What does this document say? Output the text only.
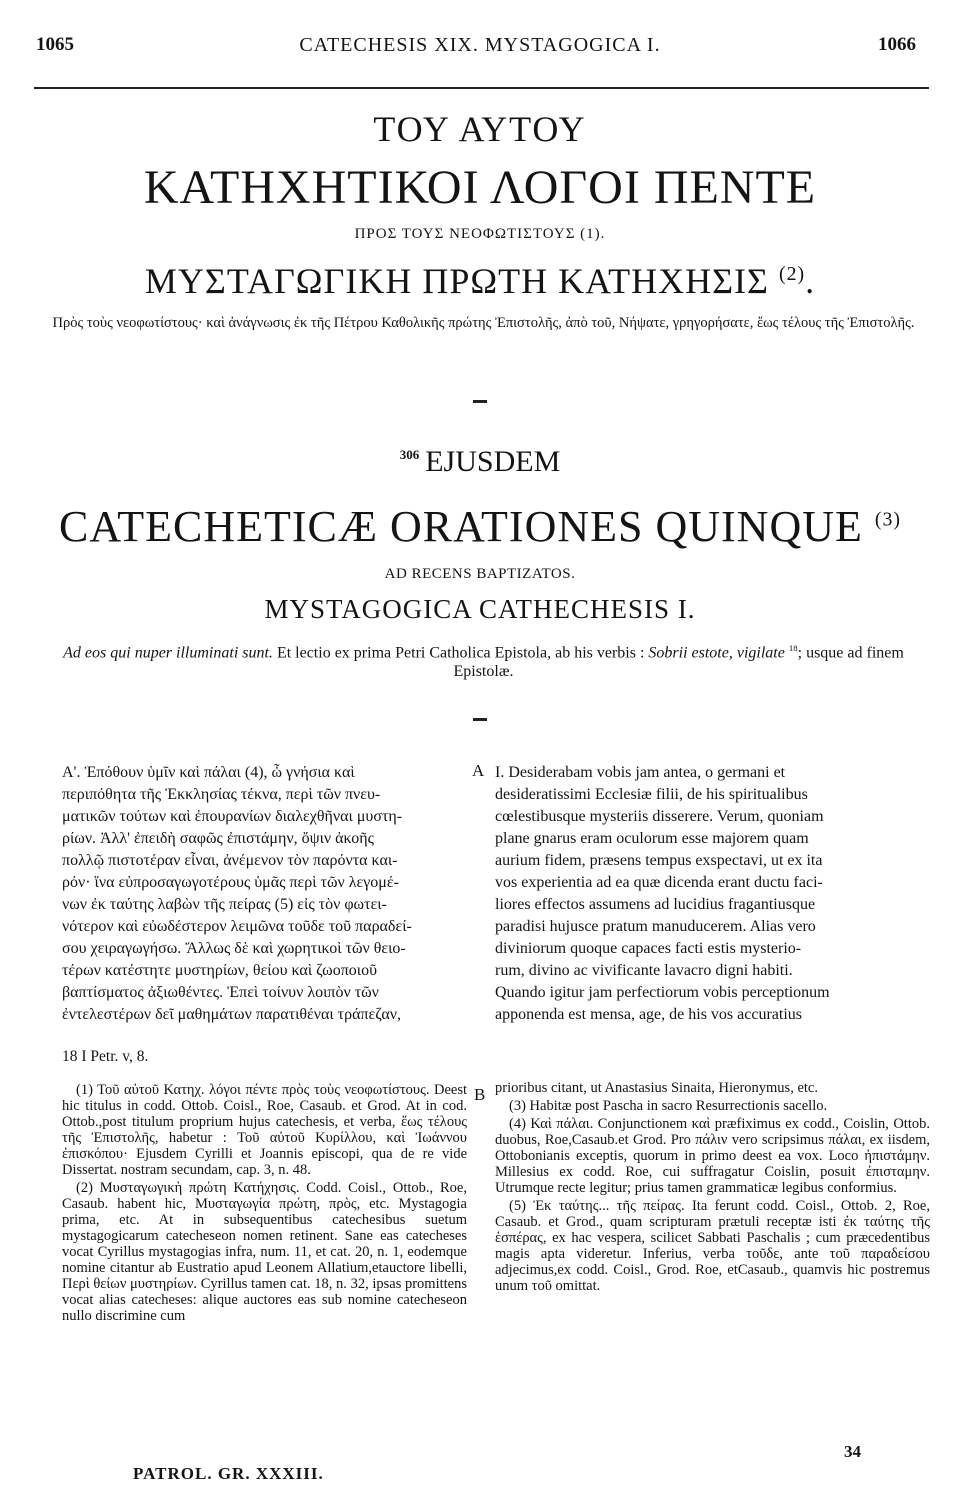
1065	CATECHESIS XIX. MYSTAGOGICA I.	1066
ΤΟΥ ΑΥΤΟΥ
ΚΑΤΗΧΗΤΙΚΟΙ ΛΟΓΟΙ ΠΕΝΤΕ
ΠΡΟΣ ΤΟΥΣ ΝΕΟΦΩΤΙΣΤΟΥΣ (1).
ΜΥΣΤΑΓΩΓΙΚΗ ΠΡΩΤΗ ΚΑΤΗΧΗΣΙΣ $^{(2)}$.
Πρὸς τοὺς νεοφωτίστους· καὶ ἀνάγνωσις ἐκ τῆς Πέτρου Καθολικῆς πρώτης Ἐπιστολῆς, ἀπὸ τοῦ, Νήψατε, γρηγορήσατε, ἕως τέλους τῆς Ἐπιστολῆς.
$^{306}$ EJUSDEM
CATECHETICÆ ORATIONES QUINQUE $^{(3)}$
AD RECENS BAPTIZATOS.
MYSTAGOGICA CATHECHESIS I.
Ad eos qui nuper illuminati sunt. Et lectio ex prima Petri Catholica Epistola, ab his verbis : Sobrii estote, vigilate $^{18}$; usque ad finem Epistolæ.
Α'. Ἐπόθουν ὑμῖν καὶ πάλαι (4), ὦ γνήσια καὶ
περιπόθητα τῆς Ἐκκλησίας τέκνα, περὶ τῶν πνευ-
ματικῶν τούτων καὶ ἐπουρανίων διαλεχθῆναι μυστη-
ρίων. Ἀλλ' ἐπειδὴ σαφῶς ἐπιστάμην, ὄψιν ἀκοῆς
πολλῷ πιστοτέραν εἶναι, ἀνέμενον τὸν παρόντα και-
ρόν· ἵνα εὐπροσαγωγοτέρους ὑμᾶς περὶ τῶν λεγομέ-
νων ἐκ ταύτης λαβὼν τῆς πείρας (5) εἰς τὸν φωτει-
νότερον καὶ εὐωδέστερον λειμῶνα τοῦδε τοῦ παραδεί-
σου χειραγωγήσω. Ἄλλως δὲ καὶ χωρητικοὶ τῶν θειο-
τέρων κατέστητε μυστηρίων, θείου καὶ ζωοποιοῦ
βαπτίσματος ἀξιωθέντες. Ἐπεὶ τοίνυν λοιπὸν τῶν
ἐντελεστέρων δεῖ μαθημάτων παρατιθέναι τράπεζαν,
A I. Desiderabam vobis jam antea, o germani et
desideratissimi Ecclesiæ filii, de his spiritualibus
cœlestibusque mysteriis disserere. Verum, quoniam
plane gnarus eram oculorum esse majorem quam
aurium fidem, præsens tempus exspectavi, ut ex ita
vos experientia ad ea quæ dicenda erant ductu faci-
liores effectos assumens ad lucidius fragantiusque
paradisi hujusce pratum manuducerem. Alias vero
diviniorum quoque capaces facti estis mysterio-
rum, divino ac vivificante lavacro digni habiti.
Quando igitur jam perfectiorum vobis perceptionum
apponenda est mensa, age, de his vos accuratius
18 I Petr. v, 8.

(1) Τοῦ αὐτοῦ Κατηχ. λόγοι πέντε πρὸς τοὺς νεοφωτίστους. Deest hic titulus in codd. Ottob. Coisl., Roe, Casaub. et Grod. At in cod. Ottob.,post titulum proprium hujus catechesis, et verba, ἕως τέλους τῆς Ἐπιστολῆς, habetur : Τοῦ αὐτοῦ Κυρίλλου, καὶ Ἰωάννου ἐπισκόπου· Ejusdem Cyrilli et Joannis episcopi, qua de re vide Dissertat. nostram secundam, cap. 3, n. 48.

(2) Μυσταγωγικὴ πρώτη Κατήχησις. Codd. Coisl., Ottob., Roe, Casaub. habent hic, Μυσταγωγία πρώτη, πρὸς, etc. Mystagogia prima, etc. At in subsequentibus catechesibus suetum mystagogicarum catecheseon nomen retinent. Sane eas catecheses vocat Cyrillus mystagogias infra, num. 11, et cat. 20, n. 1, eodemque nomine citantur ab Eustratio apud Leonem Allatium,etauctore libelli, Περὶ θείων μυστηρίων. Cyrillus tamen cat. 18, n. 32, ipsas promittens vocat alias catecheses: alique auctores eas sub nomine catecheseon nullo discrimine cum

B prioribus citant, ut Anastasius Sinaita, Hieronymus, etc.

(3) Habitæ post Pascha in sacro Resurrectionis sacello.

(4) Καὶ πάλαι. Conjunctionem καὶ præfiximus ex codd., Coislin, Ottob. duobus, Roe,Casaub.et Grod. Pro πάλιν vero scripsimus πάλαι, ex iisdem, Ottobonianis exceptis, quorum in primo deest ea vox. Loco ἠπιστάμην. Millesius ex codd. Roe, cui suffragatur Coislin, posuit ἐπισταμην. Utrumque recte legitur; prius tamen grammaticæ legibus conformius.

(5) Ἐκ ταύτης... τῆς πείρας. Ita ferunt codd. Coisl., Ottob. 2, Roe, Casaub. et Grod., quam scripturam prætuli receptæ isti ἐκ ταύτης τῆς ἑσπέρας, ex hac vespera, scilicet Sabbati Paschalis ; cum præcedentibus magis apta videretur. Inferius, verba τοῦδε, ante τοῦ παραδείσου adjecimus,ex codd. Coisl., Grod. Roe, etCasaub., quamvis hic postremus unum τοῦ omittat.

PATROL. GR. XXXIII.
34
